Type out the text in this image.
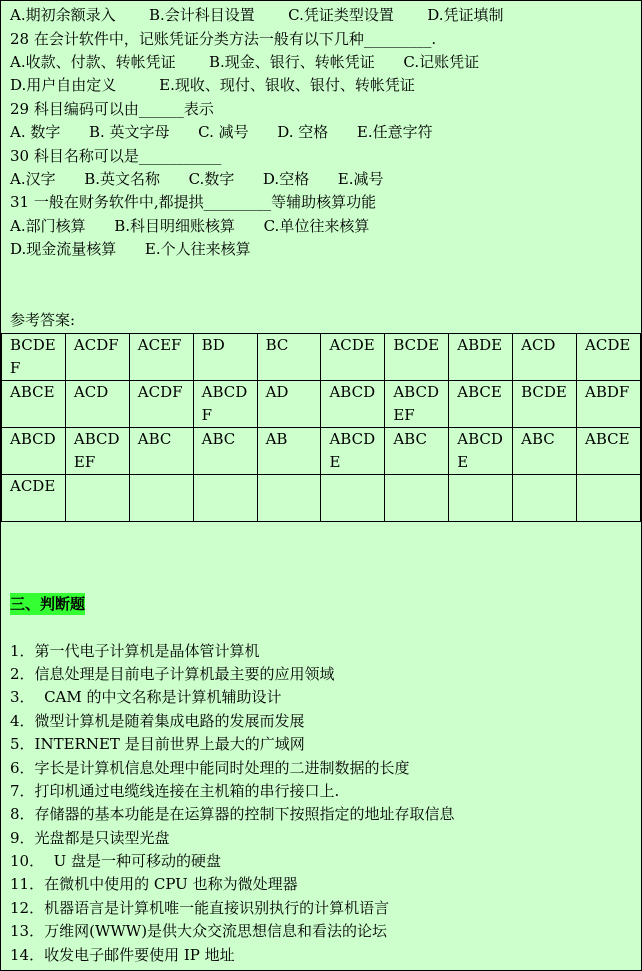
A.期初余额录入       B.会计科目设置       C.凭证类型设置       D.凭证填制
28 在会计软件中，记账凭证分类方法一般有以下几种_________.
A.收款、付款、转帐凭证       B.现金、银行、转帐凭证      C.记账凭证
D.用户自由定义         E.现收、现付、银收、银付、转帐凭证
29 科目编码可以由______表示
A. 数字      B. 英文字母      C. 减号      D. 空格      E.任意字符
30 科目名称可以是___________
A.汉字      B.英文名称      C.数字      D.空格      E.减号
31 一般在财务软件中,都提拱_________等辅助核算功能
A.部门核算      B.科目明细账核算      C.单位往来核算
D.现金流量核算      E.个人往来核算
参考答案:
BCDEF	ACDF	ACEF	BD	BC	ACDE	BCDE	ABDE	ACD	ACDE
ABCE	ACD	ACDF	ABCDF	AD	ABCD	ABCDEF	ABCE	BCDE	ABDF
ABCD	ABCDEF	ABC	ABC	AB	ABCDE	ABC	ABCDE	ABC	ABCE
ACDE									
三、判断题
1．第一代电子计算机是晶体管计算机
2．信息处理是目前电子计算机最主要的应用领域
3．  CAM 的中文名称是计算机辅助设计
4．微型计算机是随着集成电路的发展而发展
5．INTERNET 是目前世界上最大的广域网
6．字长是计算机信息处理中能同时处理的二进制数据的长度
7．打印机通过电缆线连接在主机箱的串行接口上.
8．存储器的基本功能是在运算器的控制下按照指定的地址存取信息
9．光盘都是只读型光盘
10．  U 盘是一种可移动的硬盘
11．在微机中使用的 CPU 也称为微处理器
12．机器语言是计算机唯一能直接识别执行的计算机语言
13．万维网(WWW)是供大众交流思想信息和看法的论坛
14．收发电子邮件要使用 IP 地址
